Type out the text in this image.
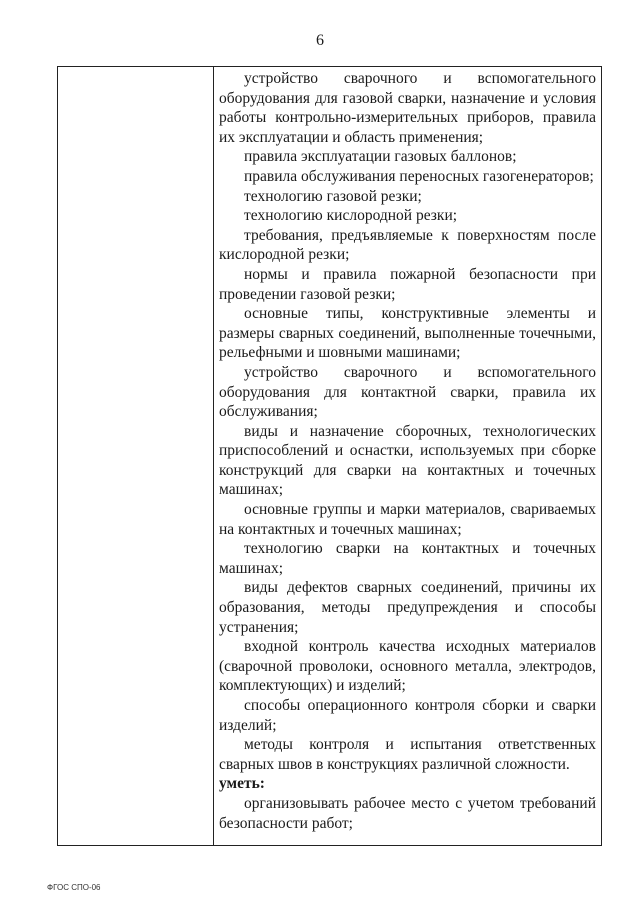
6

устройство сварочного и вспомогательного оборудования для газовой сварки, назначение и условия работы контрольно-измерительных приборов, правила их эксплуатации и область применения;

правила эксплуатации газовых баллонов;

правила обслуживания переносных газогенераторов;

технологию газовой резки;

технологию кислородной резки;

требования, предъявляемые к поверхностям после кислородной резки;

нормы и правила пожарной безопасности при проведении газовой резки;

основные типы, конструктивные элементы и размеры сварных соединений, выполненные точечными, рельефными и шовными машинами;

устройство сварочного и вспомогательного оборудования для контактной сварки, правила их обслуживания;

виды и назначение сборочных, технологических приспособлений и оснастки, используемых при сборке конструкций для сварки на контактных и точечных машинах;

основные группы и марки материалов, свариваемых на контактных и точечных машинах;

технологию сварки на контактных и точечных машинах;

виды дефектов сварных соединений, причины их образования, методы предупреждения и способы устранения;

входной контроль качества исходных материалов (сварочной проволоки, основного металла, электродов, комплектующих) и изделий;

способы операционного контроля сборки и сварки изделий;

методы контроля и испытания ответственных сварных швов в конструкциях различной сложности.

уметь:

организовывать рабочее место с учетом требований безопасности работ;

ФГОС СПО-06
